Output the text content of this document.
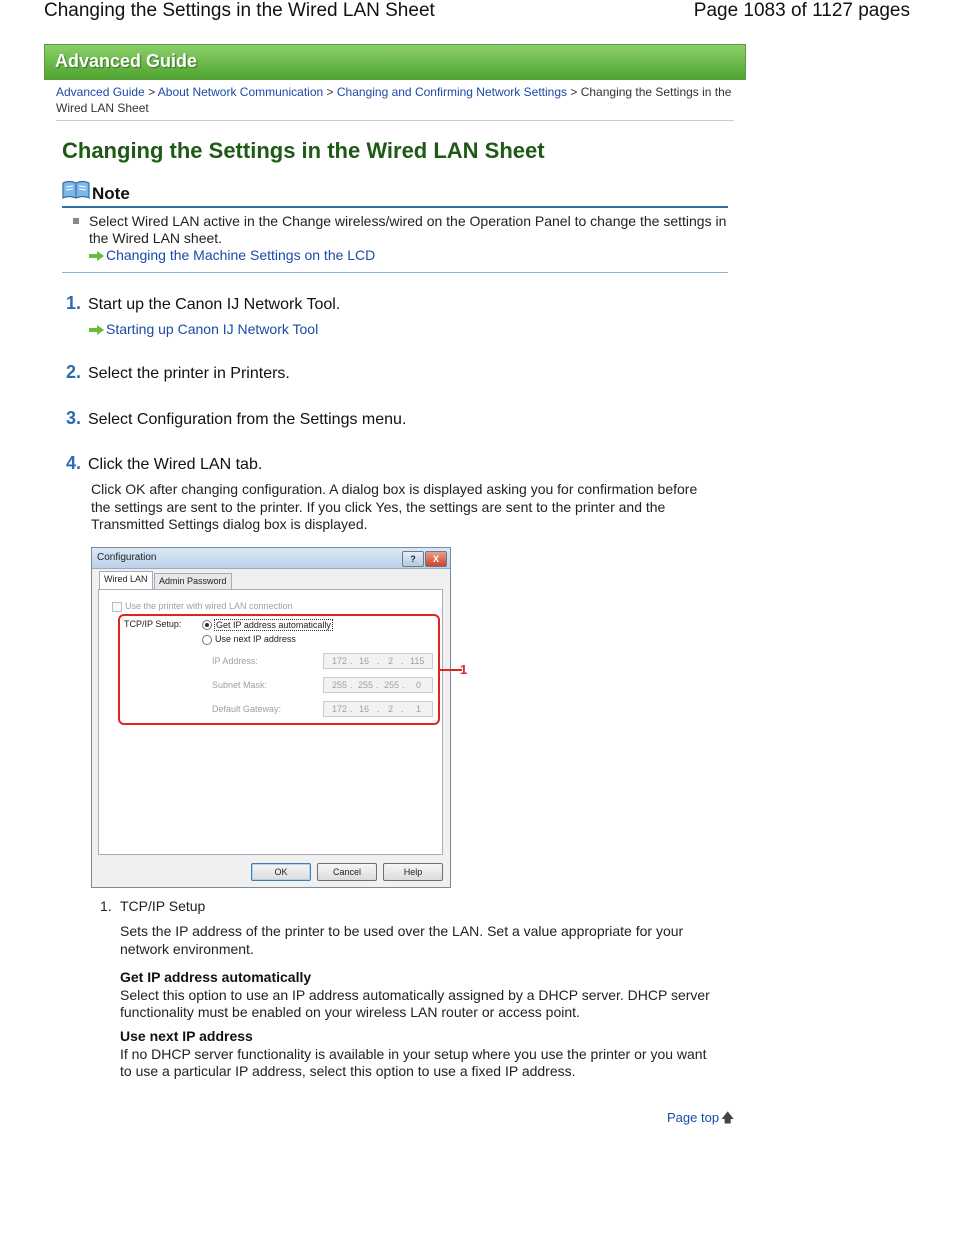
Changing the Settings in the Wired LAN Sheet	Page 1083 of 1127 pages
Advanced Guide
Advanced Guide > About Network Communication > Changing and Confirming Network Settings > Changing the Settings in the Wired LAN Sheet
Changing the Settings in the Wired LAN Sheet
Note
Select Wired LAN active in the Change wireless/wired on the Operation Panel to change the settings in the Wired LAN sheet.
Changing the Machine Settings on the LCD
1. Start up the Canon IJ Network Tool.
Starting up Canon IJ Network Tool
2. Select the printer in Printers.
3. Select Configuration from the Settings menu.
4. Click the Wired LAN tab.
Click OK after changing configuration. A dialog box is displayed asking you for confirmation before the settings are sent to the printer. If you click Yes, the settings are sent to the printer and the Transmitted Settings dialog box is displayed.
Configuration	?	X
Wired LAN	Admin Password
Use the printer with wired LAN connection
TCP/IP Setup:	Get IP address automatically
Use next IP address
IP Address:	172 . 16 . 2 . 115
Subnet Mask:	255 . 255 . 255 . 0
Default Gateway:	172 . 16 . 2 . 1
1
OK	Cancel	Help
1. TCP/IP Setup
Sets the IP address of the printer to be used over the LAN. Set a value appropriate for your network environment.
Get IP address automatically
Select this option to use an IP address automatically assigned by a DHCP server. DHCP server functionality must be enabled on your wireless LAN router or access point.
Use next IP address
If no DHCP server functionality is available in your setup where you use the printer or you want to use a particular IP address, select this option to use a fixed IP address.
Page top 🡅
